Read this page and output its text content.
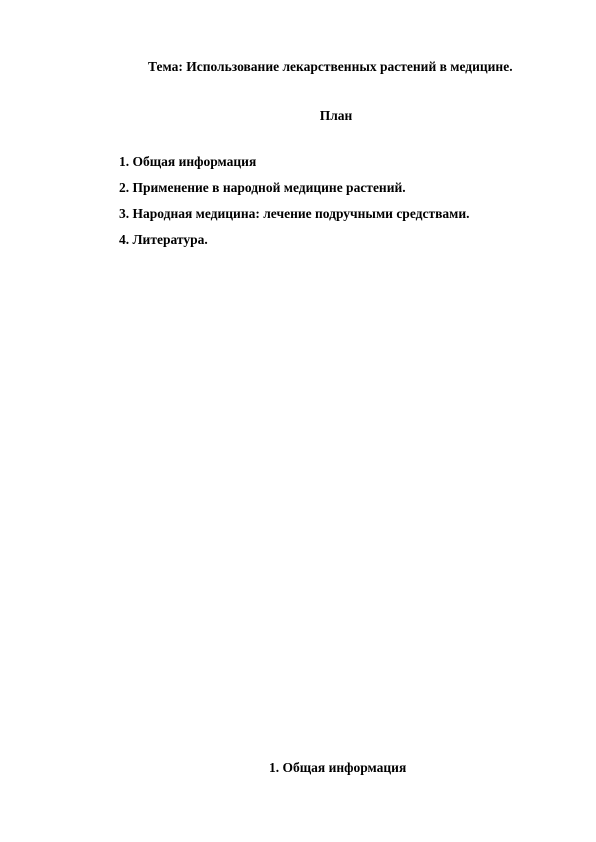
Тема: Использование лекарственных растений в медицине.
План
1. Общая информация
2. Применение в народной медицине растений.
3. Народная медицина: лечение подручными средствами.
4. Литература.
1. Общая информация
